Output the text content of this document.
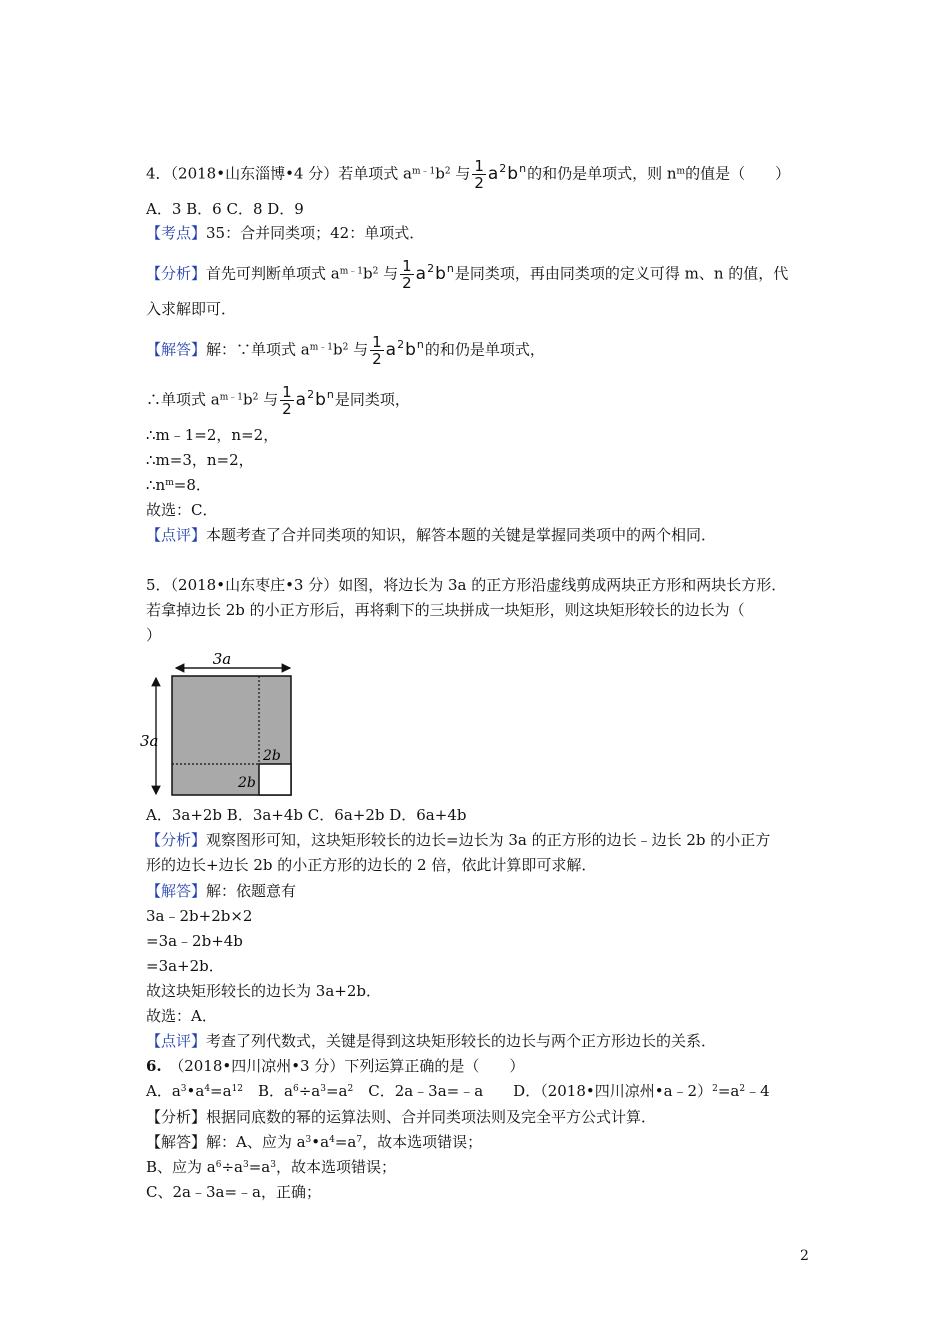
4．（2018•山东淄博•4 分）若单项式 $a^{m﹣1}b^2$ 与 $\frac{1}{2} a^2b^n$的和仍是单项式，则 $n^m$的值是（　　）
A．3 B．6 C．8 D．9
【考点】35：合并同类项；42：单项式．
【分析】首先可判断单项式 $a^{m﹣1}b^2$ 与 $\frac{1}{2} a^2b^n$是同类项，再由同类项的定义可得 m、n 的值，代
入求解即可．
【解答】解：∵单项式 $a^{m﹣1}b^2$ 与 $\frac{1}{2} a^2b^n$的和仍是单项式，
∴单项式 $a^{m﹣1}b^2$ 与 $\frac{1}{2} a^2b^n$是同类项，
∴m﹣1=2，n=2，
∴m=3，n=2，
$\therefore n^m=8$．
故选：C．
【点评】本题考查了合并同类项的知识，解答本题的关键是掌握同类项中的两个相同．
5．（2018•山东枣庄•3 分）如图，将边长为 3a 的正方形沿虚线剪成两块正方形和两块长方形．
若拿掉边长 2b 的小正方形后，再将剩下的三块拼成一块矩形，则这块矩形较长的边长为（
）
3a
3a
2b
2b
A．3a+2b B．3a+4b C．6a+2b D．6a+4b
【分析】观察图形可知，这块矩形较长的边长=边长为 3a 的正方形的边长﹣边长 2b 的小正方
形的边长+边长 2b 的小正方形的边长的 2 倍，依此计算即可求解．
【解答】解：依题意有
3a﹣2b+2b×2
=3a﹣2b+4b
=3a+2b．
故这块矩形较长的边长为 3a+2b．
故选：A．
【点评】考查了列代数式，关键是得到这块矩形较长的边长与两个正方形边长的关系．
6.　 （2018•四川凉州•3 分）下列运算正确的是（　　）
A．$a^3•a^4=a^{12}$　B．$a^6\div a^3=a^2$　C．2a﹣3a=﹣a　　D．（2018•四川凉州$•a﹣2)^2=a^2﹣4$
【分析】根据同底数的幂的运算法则、合并同类项法则及完全平方公式计算．
【解答】解：A、应为 $a^3•a^4=a^7$，故本选项错误；
B、应为 $a^6\div a^3=a^3$，故本选项错误；
C、2a﹣3a=﹣a，正确；
2
